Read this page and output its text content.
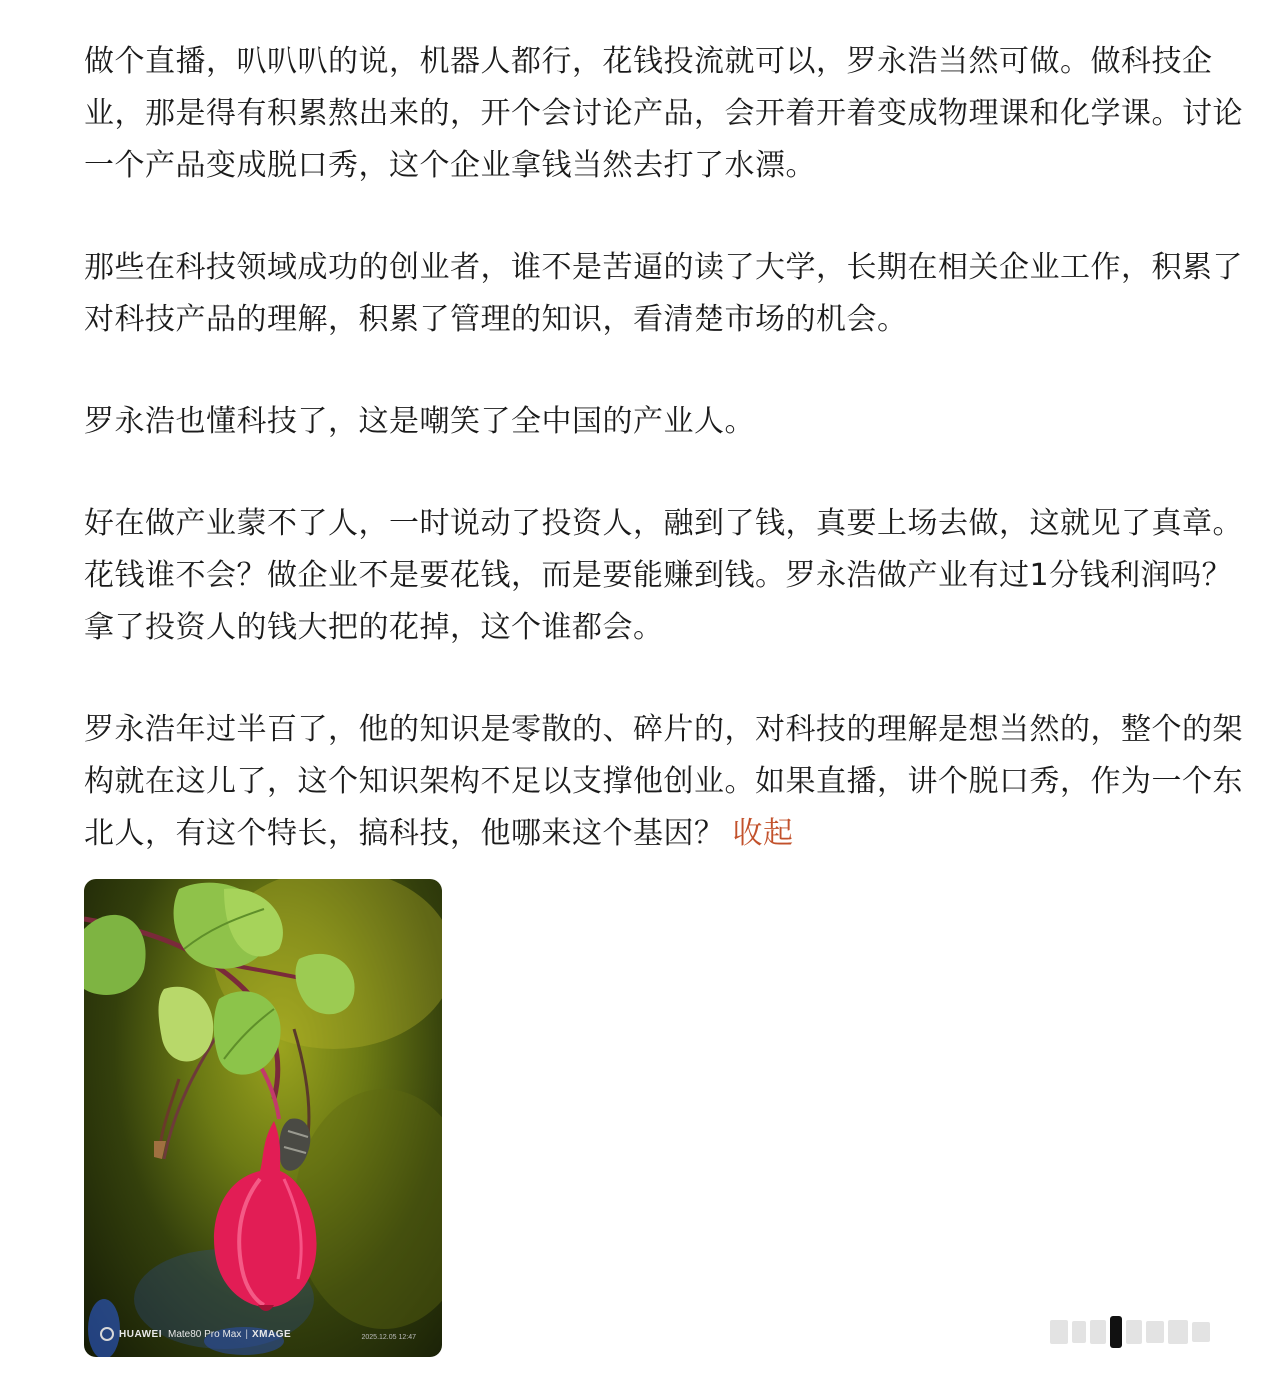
做个直播，叭叭叭的说，机器人都行，花钱投流就可以，罗永浩当然可做。做科技企业，那是得有积累熬出来的，开个会讨论产品，会开着开着变成物理课和化学课。讨论一个产品变成脱口秀，这个企业拿钱当然去打了水漂。

那些在科技领域成功的创业者，谁不是苦逼的读了大学，长期在相关企业工作，积累了对科技产品的理解，积累了管理的知识，看清楚市场的机会。

罗永浩也懂科技了，这是嘲笑了全中国的产业人。

好在做产业蒙不了人，一时说动了投资人，融到了钱，真要上场去做，这就见了真章。花钱谁不会？做企业不是要花钱，而是要能赚到钱。罗永浩做产业有过1分钱利润吗？拿了投资人的钱大把的花掉，这个谁都会。

罗永浩年过半百了，他的知识是零散的、碎片的，对科技的理解是想当然的，整个的架构就在这儿了，这个知识架构不足以支撑他创业。如果直播，讲个脱口秀，作为一个东北人，有这个特长，搞科技，他哪来这个基因？ 收起

HUAWEI Mate80 Pro Max | XMAGE	2025.12.05 12:47
